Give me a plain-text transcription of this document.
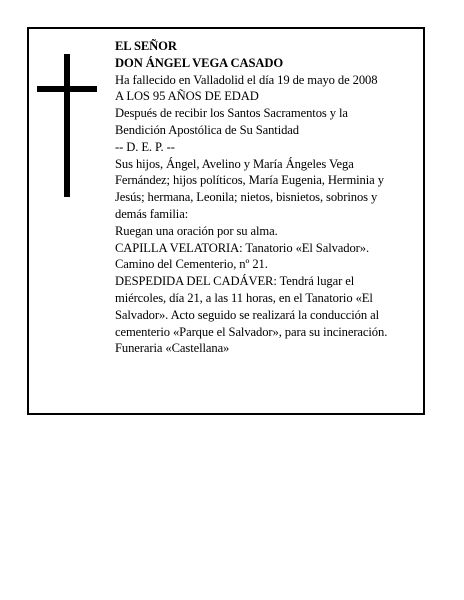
EL SEÑOR
DON ÁNGEL VEGA CASADO
Ha fallecido en Valladolid el día 19 de mayo de 2008
A LOS 95 AÑOS DE EDAD
Después de recibir los Santos Sacramentos y la
Bendición Apostólica de Su Santidad
-- D. E. P. --
Sus hijos, Ángel, Avelino y María Ángeles Vega
Fernández; hijos políticos, María Eugenia, Herminia y
Jesús; hermana, Leonila; nietos, bisnietos, sobrinos y
demás familia:
Ruegan una oración por su alma.
CAPILLA VELATORIA: Tanatorio «El Salvador».
Camino del Cementerio, nº 21.
DESPEDIDA DEL CADÁVER: Tendrá lugar el
miércoles, día 21, a las 11 horas, en el Tanatorio «El
Salvador». Acto seguido se realizará la conducción al
cementerio «Parque el Salvador», para su incineración.
Funeraria «Castellana»
